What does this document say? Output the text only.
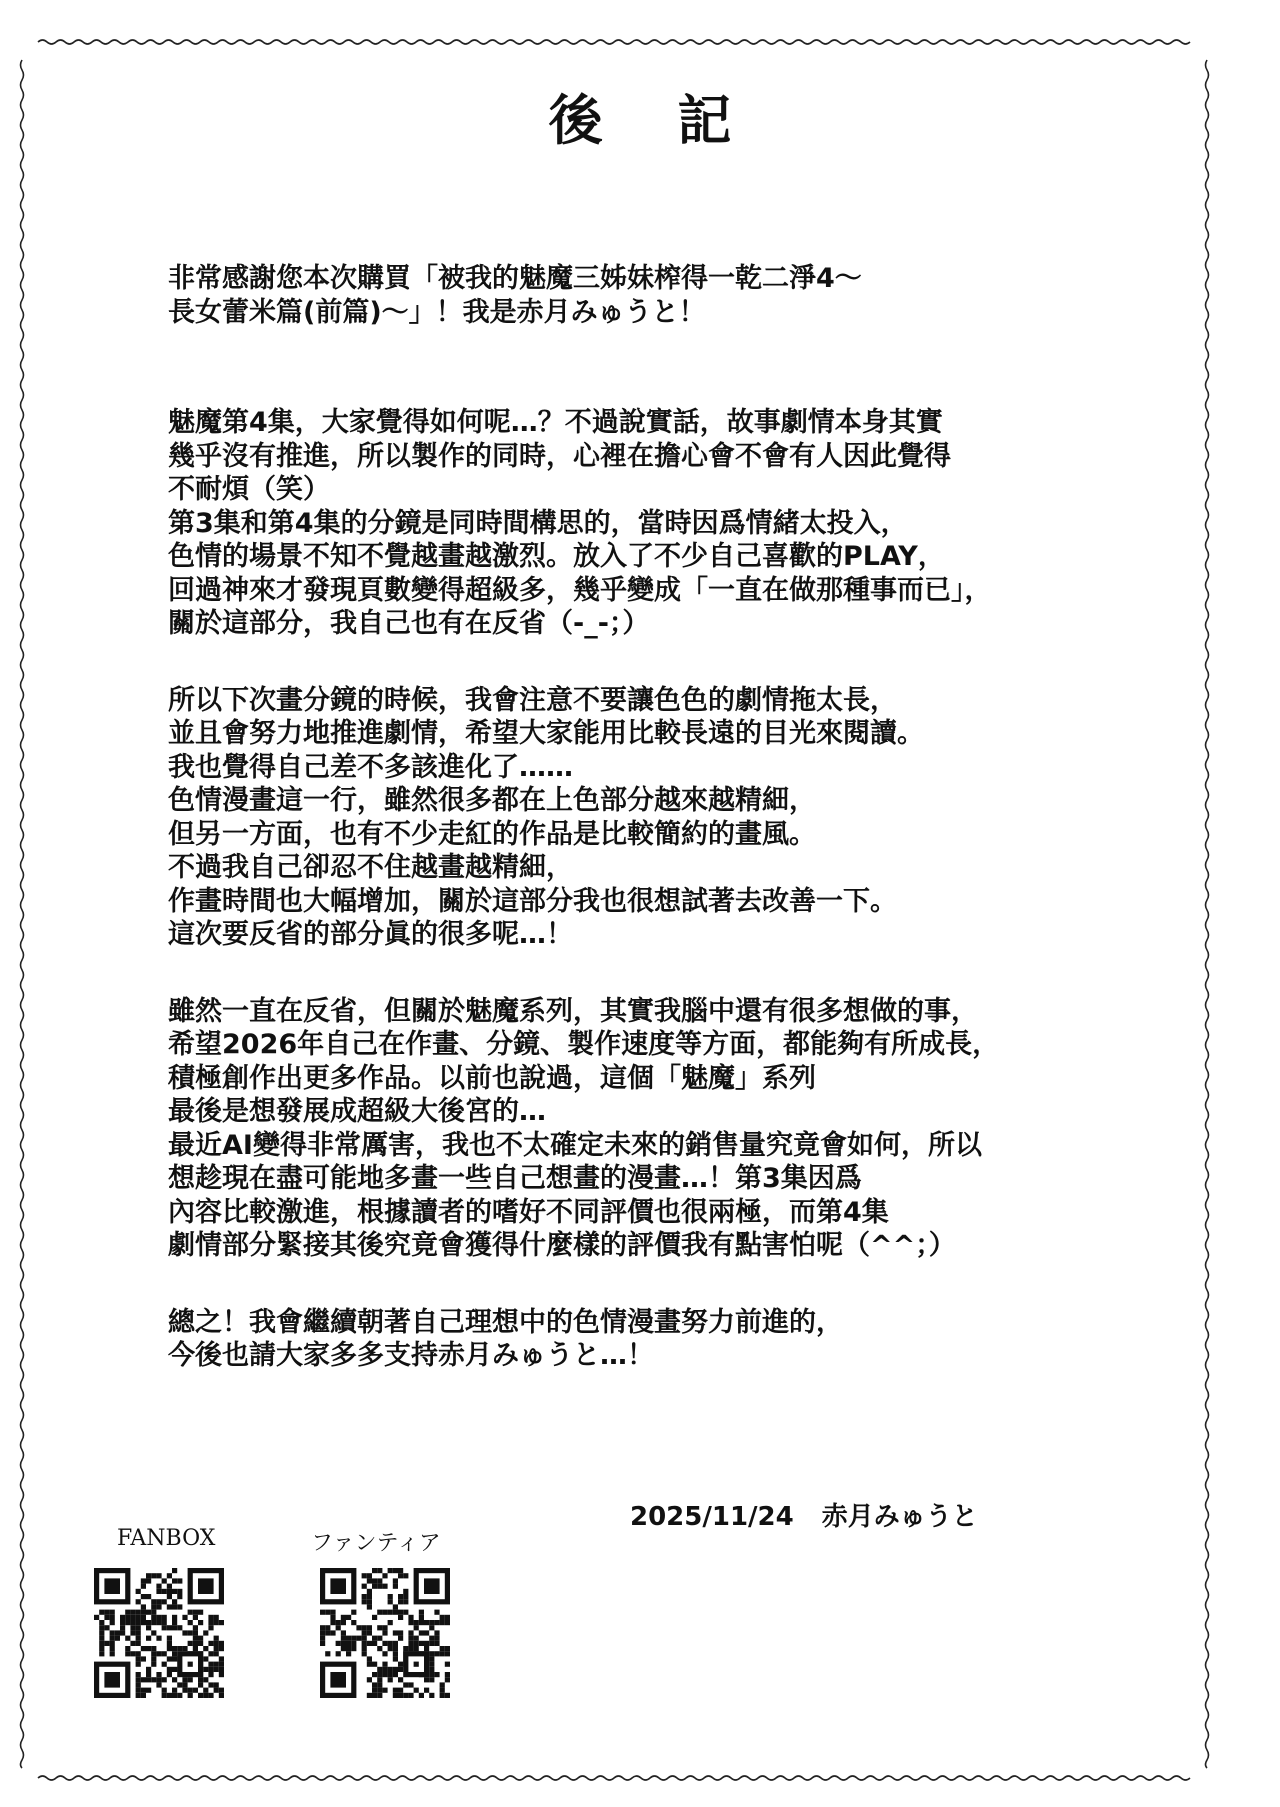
後 記

非常感謝您本次購買「被我的魅魔三姊妹榨得一乾二淨4～
長女蕾米篇(前篇)～」！我是赤月みゅうと！

魅魔第4集，大家覺得如何呢…？不過說實話，故事劇情本身其實
幾乎沒有推進，所以製作的同時，心裡在擔心會不會有人因此覺得
不耐煩（笑）
第3集和第4集的分鏡是同時間構思的，當時因爲情緒太投入，
色情的場景不知不覺越畫越激烈。放入了不少自己喜歡的PLAY，
回過神來才發現頁數變得超級多，幾乎變成「一直在做那種事而已」，
關於這部分，我自己也有在反省（-_-；）

所以下次畫分鏡的時候，我會注意不要讓色色的劇情拖太長，
並且會努力地推進劇情，希望大家能用比較長遠的目光來閱讀。
我也覺得自己差不多該進化了……
色情漫畫這一行，雖然很多都在上色部分越來越精細，
但另一方面，也有不少走紅的作品是比較簡約的畫風。
不過我自己卻忍不住越畫越精細，
作畫時間也大幅增加，關於這部分我也很想試著去改善一下。
這次要反省的部分眞的很多呢…！

雖然一直在反省，但關於魅魔系列，其實我腦中還有很多想做的事，
希望2026年自己在作畫、分鏡、製作速度等方面，都能夠有所成長，
積極創作出更多作品。以前也說過，這個「魅魔」系列
最後是想發展成超級大後宮的…
最近AI變得非常厲害，我也不太確定未來的銷售量究竟會如何，所以
想趁現在盡可能地多畫一些自己想畫的漫畫…！第3集因爲
內容比較激進，根據讀者的嗜好不同評價也很兩極，而第4集
劇情部分緊接其後究竟會獲得什麼樣的評價我有點害怕呢（^^；）

總之！我會繼續朝著自己理想中的色情漫畫努力前進的，
今後也請大家多多支持赤月みゅうと…！

FANBOX	ファンティア
2025/11/24 赤月みゅうと
